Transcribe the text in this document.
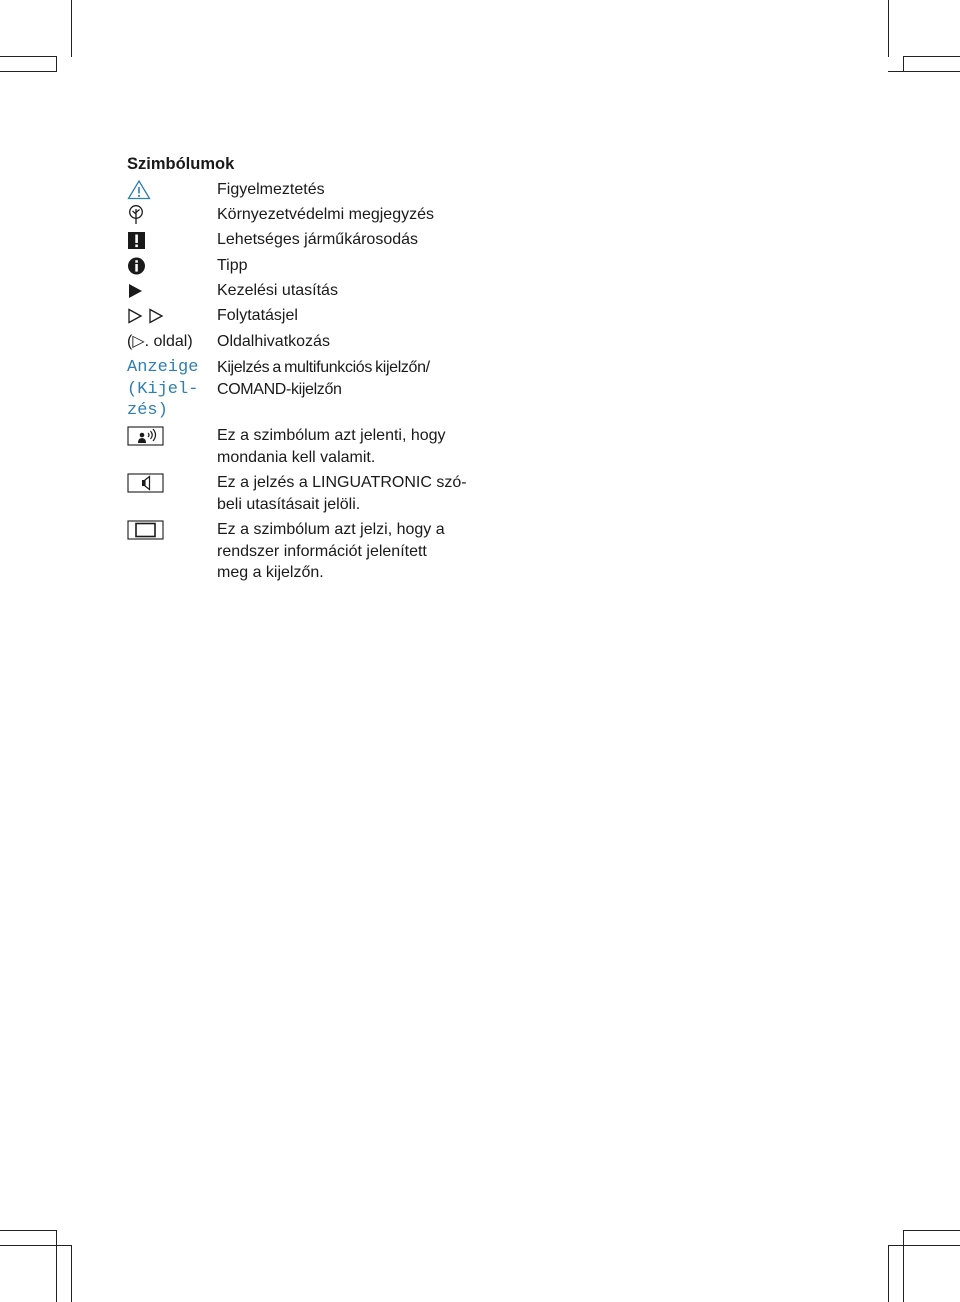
Szimbólumok
Figyelmeztetés
Környezetvédelmi megjegyzés
Lehetséges járműkárosodás
Tipp
Kezelési utasítás
Folytatásjel
(▷. oldal) Oldalhivatkozás
Anzeige
(Kijel‐
zés)
Kijelzés a multifunkciós kijelzőn/
COMAND-kijelzőn
Ez a szimbólum azt jelenti, hogy
mondania kell valamit.
Ez a jelzés a LINGUATRONIC szó-
beli utasításait jelöli.
Ez a szimbólum azt jelzi, hogy a
rendszer információt jelenített
meg a kijelzőn.
